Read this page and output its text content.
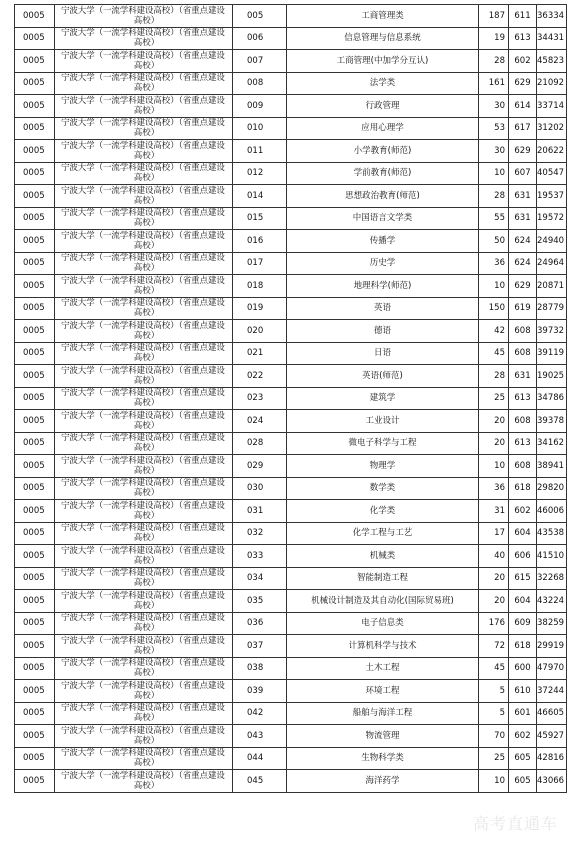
0005	宁波大学（一流学科建设高校）（省重点建设
高校）	005	工商管理类	187	611	36334
0005	宁波大学（一流学科建设高校）（省重点建设
高校）	006	信息管理与信息系统	19	613	34431
0005	宁波大学（一流学科建设高校）（省重点建设
高校）	007	工商管理(中加学分互认)	28	602	45823
0005	宁波大学（一流学科建设高校）（省重点建设
高校）	008	法学类	161	629	21092
0005	宁波大学（一流学科建设高校）（省重点建设
高校）	009	行政管理	30	614	33714
0005	宁波大学（一流学科建设高校）（省重点建设
高校）	010	应用心理学	53	617	31202
0005	宁波大学（一流学科建设高校）（省重点建设
高校）	011	小学教育(师范)	30	629	20622
0005	宁波大学（一流学科建设高校）（省重点建设
高校）	012	学前教育(师范)	10	607	40547
0005	宁波大学（一流学科建设高校）（省重点建设
高校）	014	思想政治教育(师范)	28	631	19537
0005	宁波大学（一流学科建设高校）（省重点建设
高校）	015	中国语言文学类	55	631	19572
0005	宁波大学（一流学科建设高校）（省重点建设
高校）	016	传播学	50	624	24940
0005	宁波大学（一流学科建设高校）（省重点建设
高校）	017	历史学	36	624	24964
0005	宁波大学（一流学科建设高校）（省重点建设
高校）	018	地理科学(师范)	10	629	20871
0005	宁波大学（一流学科建设高校）（省重点建设
高校）	019	英语	150	619	28779
0005	宁波大学（一流学科建设高校）（省重点建设
高校）	020	德语	42	608	39732
0005	宁波大学（一流学科建设高校）（省重点建设
高校）	021	日语	45	608	39119
0005	宁波大学（一流学科建设高校）（省重点建设
高校）	022	英语(师范)	28	631	19025
0005	宁波大学（一流学科建设高校）（省重点建设
高校）	023	建筑学	25	613	34786
0005	宁波大学（一流学科建设高校）（省重点建设
高校）	024	工业设计	20	608	39378
0005	宁波大学（一流学科建设高校）（省重点建设
高校）	028	微电子科学与工程	20	613	34162
0005	宁波大学（一流学科建设高校）（省重点建设
高校）	029	物理学	10	608	38941
0005	宁波大学（一流学科建设高校）（省重点建设
高校）	030	数学类	36	618	29820
0005	宁波大学（一流学科建设高校）（省重点建设
高校）	031	化学类	31	602	46006
0005	宁波大学（一流学科建设高校）（省重点建设
高校）	032	化学工程与工艺	17	604	43538
0005	宁波大学（一流学科建设高校）（省重点建设
高校）	033	机械类	40	606	41510
0005	宁波大学（一流学科建设高校）（省重点建设
高校）	034	智能制造工程	20	615	32268
0005	宁波大学（一流学科建设高校）（省重点建设
高校）	035	机械设计制造及其自动化(国际贸易班)	20	604	43224
0005	宁波大学（一流学科建设高校）（省重点建设
高校）	036	电子信息类	176	609	38259
0005	宁波大学（一流学科建设高校）（省重点建设
高校）	037	计算机科学与技术	72	618	29919
0005	宁波大学（一流学科建设高校）（省重点建设
高校）	038	土木工程	45	600	47970
0005	宁波大学（一流学科建设高校）（省重点建设
高校）	039	环境工程	5	610	37244
0005	宁波大学（一流学科建设高校）（省重点建设
高校）	042	船舶与海洋工程	5	601	46605
0005	宁波大学（一流学科建设高校）（省重点建设
高校）	043	物流管理	70	602	45927
0005	宁波大学（一流学科建设高校）（省重点建设
高校）	044	生物科学类	25	605	42816
0005	宁波大学（一流学科建设高校）（省重点建设
高校）	045	海洋药学	10	605	43066
高考直通车
